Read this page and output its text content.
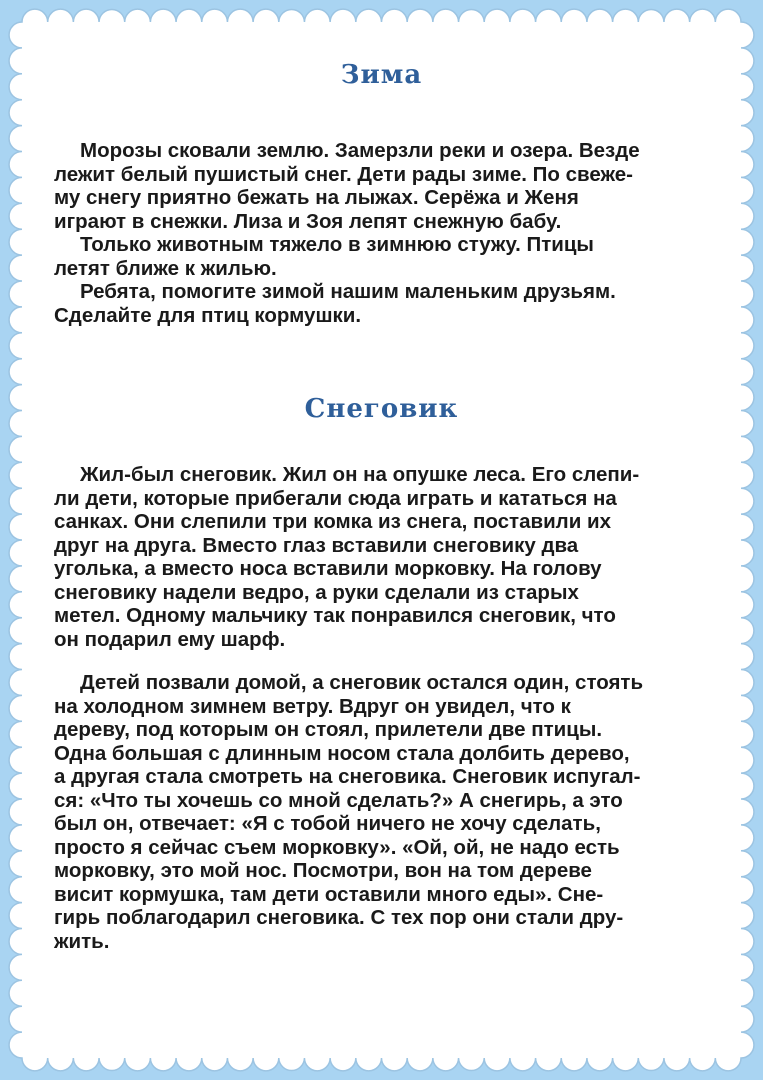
Зима
Морозы сковали землю. Замерзли реки и озера. Везде
лежит белый пушистый снег. Дети рады зиме. По свеже-
му снегу приятно бежать на лыжах. Серёжа и Женя
играют в снежки. Лиза и Зоя лепят снежную бабу.
Только животным тяжело в зимнюю стужу. Птицы
летят ближе к жилью.
Ребята, помогите зимой нашим маленьким друзьям.
Сделайте для птиц кормушки.
Снеговик
Жил-был снеговик. Жил он на опушке леса. Его слепи-
ли дети, которые прибегали сюда играть и кататься на
санках. Они слепили три комка из снега, поставили их
друг на друга. Вместо глаз вставили снеговику два
уголька, а вместо носа вставили морковку. На голову
снеговику надели ведро, а руки сделали из старых
метел. Одному мальчику так понравился снеговик, что
он подарил ему шарф.
Детей позвали домой, а снеговик остался один, стоять
на холодном зимнем ветру. Вдруг он увидел, что к
дереву, под которым он стоял, прилетели две птицы.
Одна большая с длинным носом стала долбить дерево,
а другая стала смотреть на снеговика. Снеговик испугал-
ся: «Что ты хочешь со мной сделать?» А снегирь, а это
был он, отвечает: «Я с тобой ничего не хочу сделать,
просто я сейчас съем морковку». «Ой, ой, не надо есть
морковку, это мой нос. Посмотри, вон на том дереве
висит кормушка, там дети оставили много еды». Сне-
гирь поблагодарил снеговика. С тех пор они стали дру-
жить.
